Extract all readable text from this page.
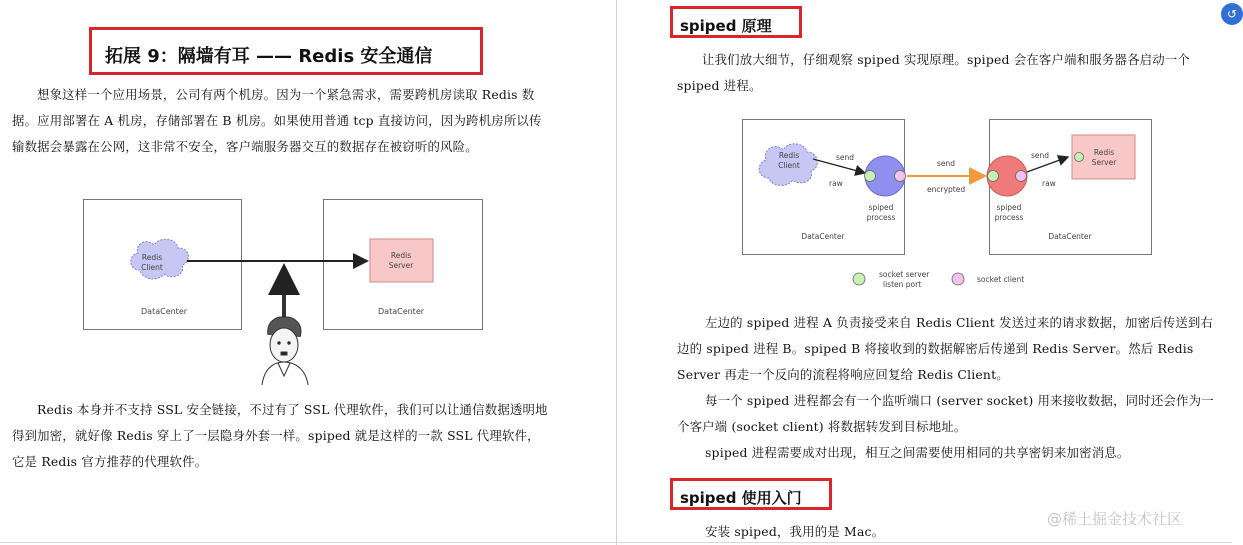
拓展 9：隔墙有耳 —— Redis 安全通信
想象这样一个应用场景，公司有两个机房。因为一个紧急需求，需要跨机房读取 Redis 数据。应用部署在 A 机房，存储部署在 B 机房。如果使用普通 tcp 直接访问，因为跨机房所以传输数据会暴露在公网，这非常不安全，客户端服务器交互的数据存在被窃听的风险。
DataCenter	DataCenter
Redis
Client
Redis
Server
Redis 本身并不支持 SSL 安全链接，不过有了 SSL 代理软件，我们可以让通信数据透明地得到加密，就好像 Redis 穿上了一层隐身外套一样。spiped 就是这样的一款 SSL 代理软件，它是 Redis 官方推荐的代理软件。
spiped 原理
让我们放大细节，仔细观察 spiped 实现原理。spiped 会在客户端和服务器各启动一个 spiped 进程。
Redis
Client
Redis
Server
send
raw
send
encrypted
send
raw
spiped
process
spiped
process
DataCenter	DataCenter
socket server
listen port
socket client
左边的 spiped 进程 A 负责接受来自 Redis Client 发送过来的请求数据，加密后传送到右边的 spiped 进程 B。spiped B 将接收到的数据解密后传递到 Redis Server。然后 Redis Server 再走一个反向的流程将响应回复给 Redis Client。
每一个 spiped 进程都会有一个监听端口 (server socket) 用来接收数据，同时还会作为一个客户端 (socket client) 将数据转发到目标地址。
spiped 进程需要成对出现，相互之间需要使用相同的共享密钥来加密消息。
spiped 使用入门
安装 spiped，我用的是 Mac。
↺
@稀土掘金技术社区
